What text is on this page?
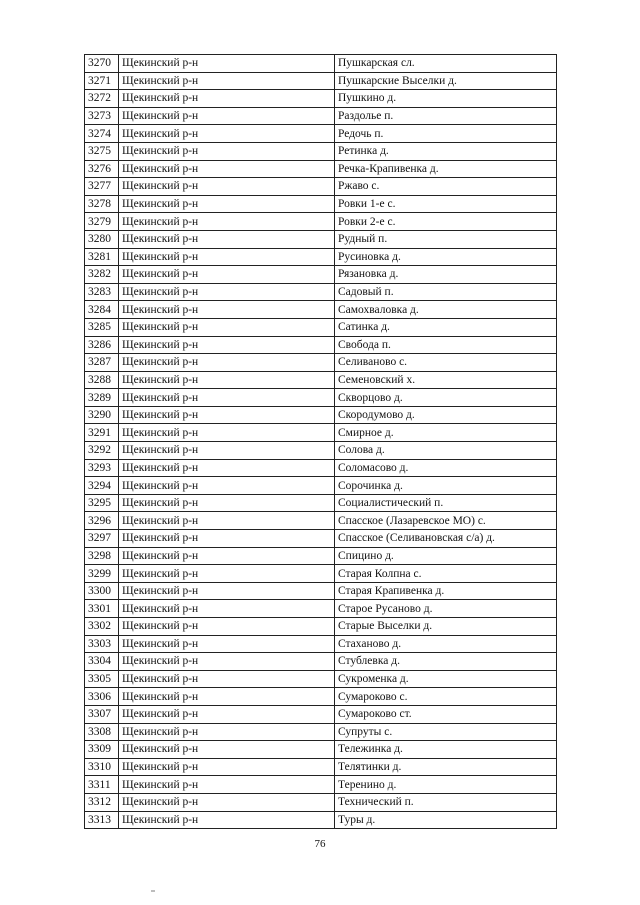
3270	Щекинский р-н	Пушкарская сл.
3271	Щекинский р-н	Пушкарские Выселки д.
3272	Щекинский р-н	Пушкино д.
3273	Щекинский р-н	Раздолье п.
3274	Щекинский р-н	Редочь п.
3275	Щекинский р-н	Ретинка д.
3276	Щекинский р-н	Речка-Крапивенка д.
3277	Щекинский р-н	Ржаво с.
3278	Щекинский р-н	Ровки 1-е с.
3279	Щекинский р-н	Ровки 2-е с.
3280	Щекинский р-н	Рудный п.
3281	Щекинский р-н	Русиновка д.
3282	Щекинский р-н	Рязановка д.
3283	Щекинский р-н	Садовый п.
3284	Щекинский р-н	Самохваловка д.
3285	Щекинский р-н	Сатинка д.
3286	Щекинский р-н	Свобода п.
3287	Щекинский р-н	Селиваново с.
3288	Щекинский р-н	Семеновский х.
3289	Щекинский р-н	Скворцово д.
3290	Щекинский р-н	Скородумово д.
3291	Щекинский р-н	Смирное д.
3292	Щекинский р-н	Солова д.
3293	Щекинский р-н	Соломасово д.
3294	Щекинский р-н	Сорочинка д.
3295	Щекинский р-н	Социалистический п.
3296	Щекинский р-н	Спасское (Лазаревское МО) с.
3297	Щекинский р-н	Спасское (Селивановская с/а) д.
3298	Щекинский р-н	Спицино д.
3299	Щекинский р-н	Старая Колпна с.
3300	Щекинский р-н	Старая Крапивенка д.
3301	Щекинский р-н	Старое Русаново д.
3302	Щекинский р-н	Старые Выселки д.
3303	Щекинский р-н	Стаханово д.
3304	Щекинский р-н	Стублевка д.
3305	Щекинский р-н	Сукроменка д.
3306	Щекинский р-н	Сумароково с.
3307	Щекинский р-н	Сумароково ст.
3308	Щекинский р-н	Супруты с.
3309	Щекинский р-н	Тележинка д.
3310	Щекинский р-н	Телятинки д.
3311	Щекинский р-н	Теренино д.
3312	Щекинский р-н	Технический п.
3313	Щекинский р-н	Туры д.
76
